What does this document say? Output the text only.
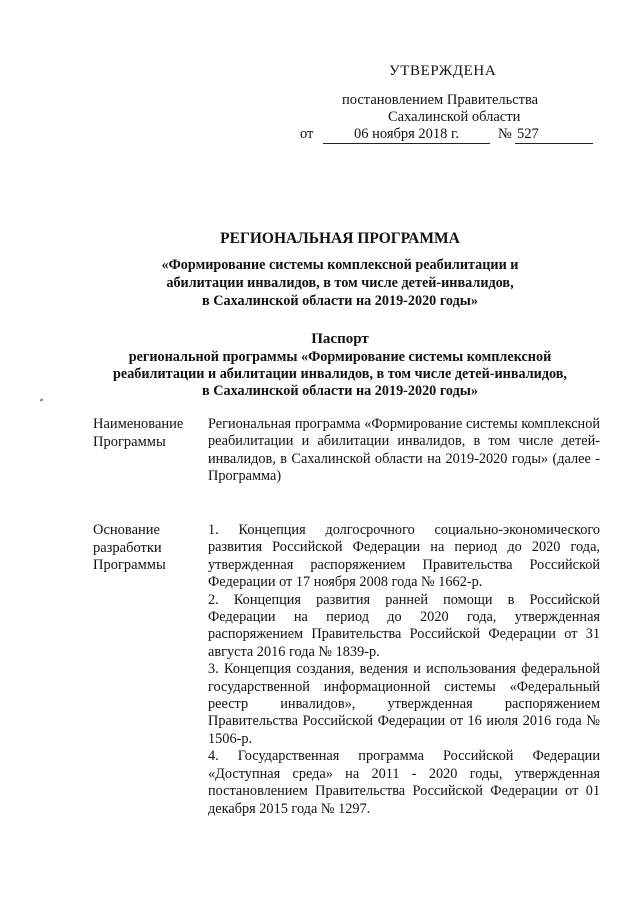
УТВЕРЖДЕНА
постановлением Правительства
Сахалинской области
от	06 ноября 2018 г.	№ 527
РЕГИОНАЛЬНАЯ ПРОГРАММА
«Формирование системы комплексной реабилитации и
абилитации инвалидов, в том числе детей-инвалидов,
в Сахалинской области на 2019-2020 годы»
Паспорт
региональной программы «Формирование системы комплексной
реабилитации и абилитации инвалидов, в том числе детей-инвалидов,
в Сахалинской области на 2019-2020 годы»
Наименование
Программы

Региональная программа «Формирование системы комплексной реабилитации и абилитации инвалидов, в том числе детей-инвалидов, в Сахалинской области на 2019-2020 годы» (далее - Программа)

Основание
разработки
Программы

1. Концепция долгосрочного социально-экономического развития Российской Федерации на период до 2020 года, утвержденная распоряжением Правительства Российской Федерации от 17 ноября 2008 года № 1662-р.

2. Концепция развития ранней помощи в Российской Федерации на период до 2020 года, утвержденная распоряжением Правительства Российской Федерации от 31 августа 2016 года № 1839-р.

3. Концепция создания, ведения и использования федеральной государственной информационной системы «Федеральный реестр инвалидов», утвержденная распоряжением Правительства Российской Федерации от 16 июля 2016 года № 1506-р.

4. Государственная программа Российской Федерации «Доступная среда» на 2011 - 2020 годы, утвержденная постановлением Правительства Российской Федерации от 01 декабря 2015 года № 1297.
